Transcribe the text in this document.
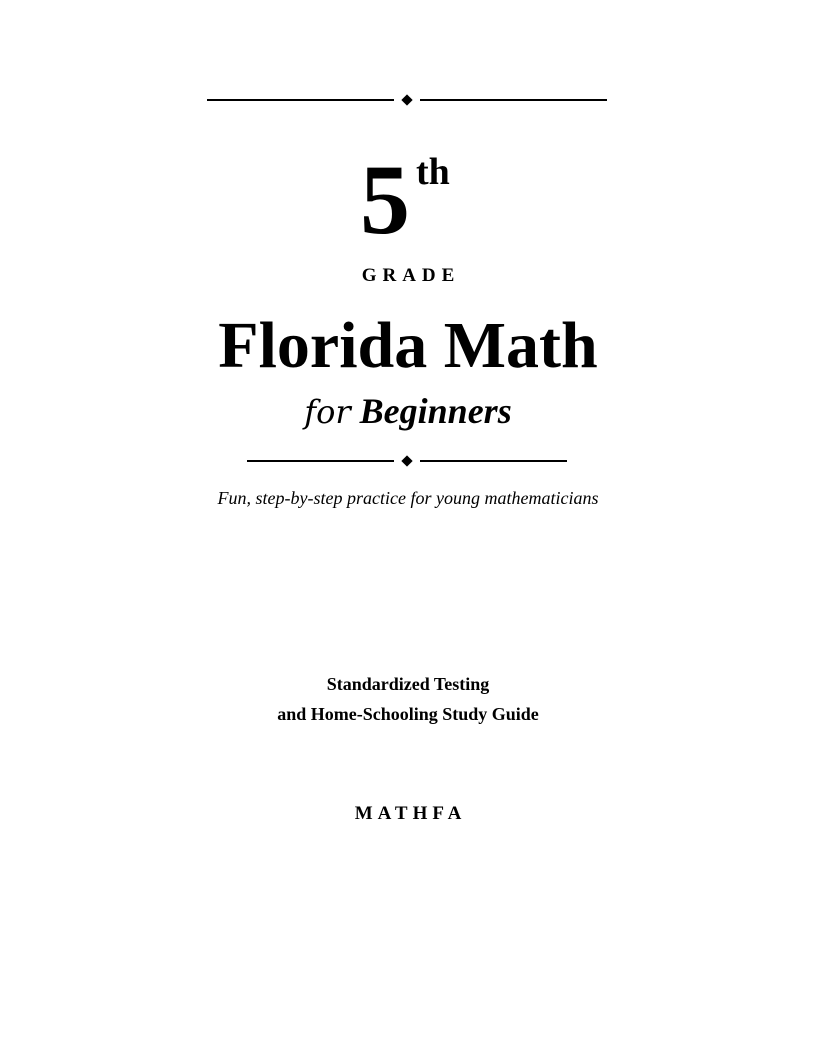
5 th
GRADE
Florida Math
for Beginners
Fun, step-by-step practice for young mathematicians
Standardized Testing
and Home-Schooling Study Guide
MATHFA
